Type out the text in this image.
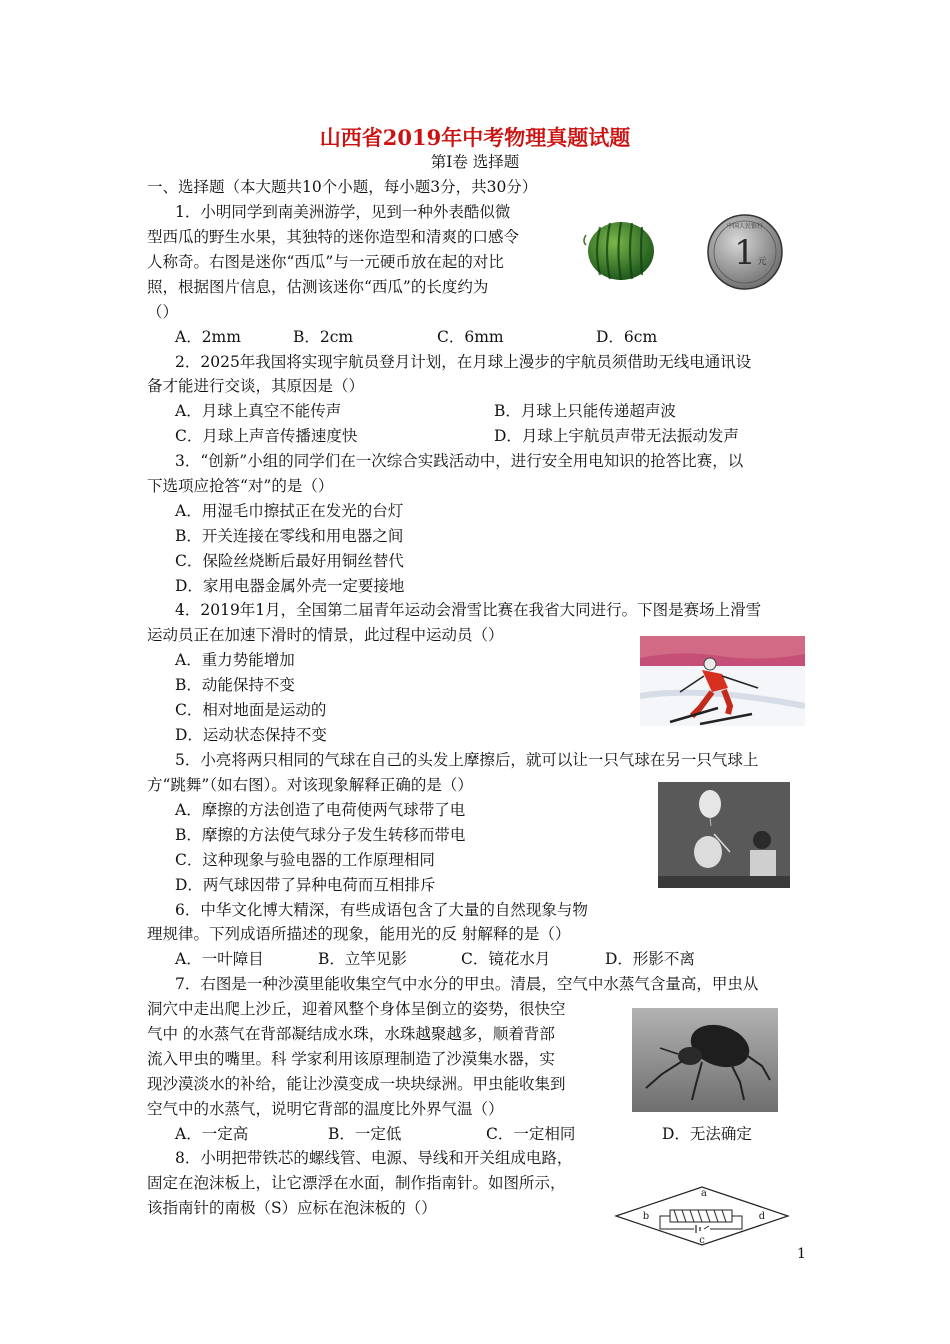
山西省2019年中考物理真题试题
第Ⅰ卷 选择题
一、选择题（本大题共10个小题，每小题3分，共30分）
1．小明同学到南美洲游学，见到一种外表酷似微
型西瓜的野生水果，其独特的迷你造型和清爽的口感令
人称奇。右图是迷你“西瓜”与一元硬币放在起的对比
照，根据图片信息，估测该迷你“西瓜”的长度约为
（）
A．2mm	B．2cm	C．6mm	D．6cm
1 元
中国人民银行
2．2025年我国将实现宇航员登月计划，在月球上漫步的宇航员须借助无线电通讯设
备才能进行交谈，其原因是（）
A．月球上真空不能传声	B．月球上只能传递超声波
C．月球上声音传播速度快	D．月球上宇航员声带无法振动发声
3．“创新”小组的同学们在一次综合实践活动中，进行安全用电知识的抢答比赛，以
下选项应抢答“对”的是（）
A．用湿毛巾擦拭正在发光的台灯
B．开关连接在零线和用电器之间
C．保险丝烧断后最好用铜丝替代
D．家用电器金属外壳一定要接地
4．2019年1月，全国第二届青年运动会滑雪比赛在我省大同进行。下图是赛场上滑雪
运动员正在加速下滑时的情景，此过程中运动员（）
A．重力势能增加
B．动能保持不变
C．相对地面是运动的
D．运动状态保持不变
5．小亮将两只相同的气球在自己的头发上摩擦后，就可以让一只气球在另一只气球上
方“跳舞”（如右图）。对该现象解释正确的是（）
A．摩擦的方法创造了电荷使两气球带了电
B．摩擦的方法使气球分子发生转移而带电
C．这种现象与验电器的工作原理相同
D．两气球因带了异种电荷而互相排斥
6．中华文化博大精深，有些成语包含了大量的自然现象与物
理规律。下列成语所描述的现象，能用光的反 射解释的是（）
A．一叶障目	B．立竿见影	C．镜花水月	D．形影不离
7．右图是一种沙漠里能收集空气中水分的甲虫。清晨，空气中水蒸气含量高，甲虫从
洞穴中走出爬上沙丘，迎着风整个身体呈倒立的姿势，很快空
气中 的水蒸气在背部凝结成水珠，水珠越聚越多，顺着背部
流入甲虫的嘴里。科 学家利用该原理制造了沙漠集水器，实
现沙漠淡水的补给，能让沙漠变成一块块绿洲。甲虫能收集到
空气中的水蒸气，说明它背部的温度比外界气温（）
A．一定高	B．一定低	C．一定相同	D．无法确定
8．小明把带铁芯的螺线管、电源、导线和开关组成电路，
固定在泡沫板上，让它漂浮在水面，制作指南针。如图所示，
该指南针的南极（S）应标在泡沫板的（）
a
b
c
d
1
